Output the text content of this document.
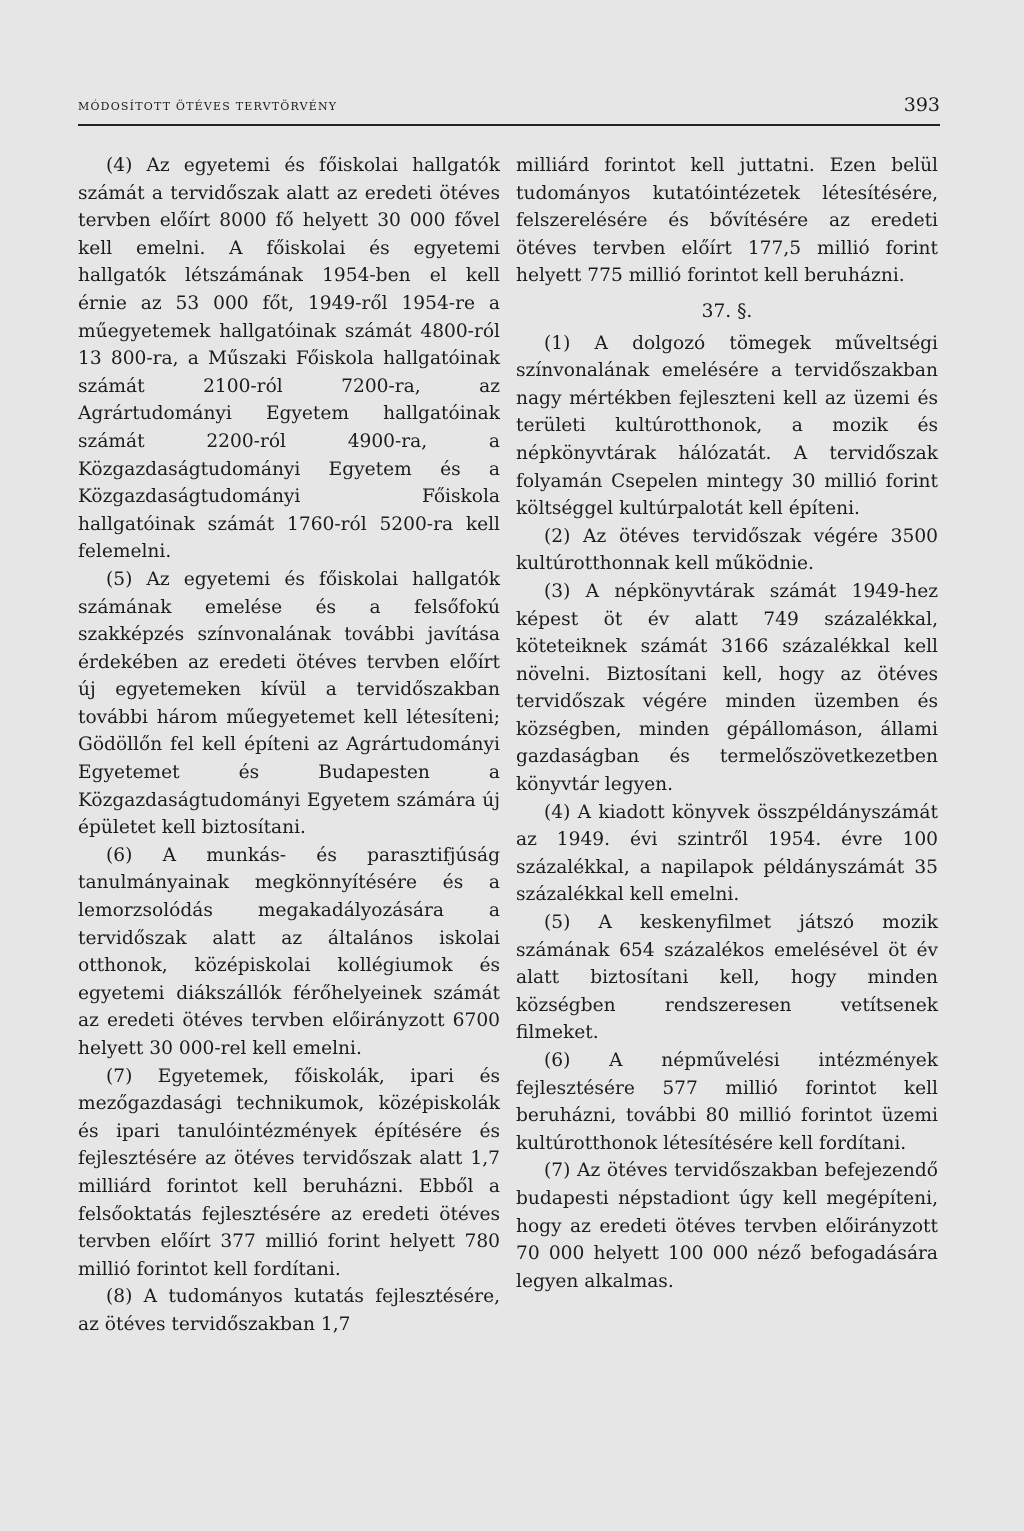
MÓDOSÍTOTT ÖTÉVES TERVTÖRVÉNY	393

(4) Az egyetemi és főiskolai hallgatók számát a tervidőszak alatt az eredeti ötéves tervben előírt 8000 fő helyett 30 000 fővel kell emelni. A főiskolai és egyetemi hallgatók létszámának 1954-ben el kell érnie az 53 000 főt, 1949-ről 1954-re a műegyetemek hallgatóinak számát 4800-ról 13 800-ra, a Műszaki Főiskola hallgatóinak számát 2100-ról 7200-ra, az Agrártudományi Egyetem hallgatóinak számát 2200-ról 4900-ra, a Közgazdaságtudományi Egyetem és a Közgazdaságtudományi Főiskola hallgatóinak számát 1760-ról 5200-ra kell felemelni.

(5) Az egyetemi és főiskolai hallgatók számának emelése és a felsőfokú szakképzés színvonalának további javítása érdekében az eredeti ötéves tervben előírt új egyetemeken kívül a tervidőszakban további három műegyetemet kell létesíteni; Gödöllőn fel kell építeni az Agrártudományi Egyetemet és Budapesten a Közgazdaságtudományi Egyetem számára új épületet kell biztosítani.

(6) A munkás- és parasztifjúság tanulmányainak megkönnyítésére és a lemorzsolódás megakadályozására a tervidőszak alatt az általános iskolai otthonok, középiskolai kollégiumok és egyetemi diákszállók férőhelyeinek számát az eredeti ötéves tervben előirányzott 6700 helyett 30 000-rel kell emelni.

(7) Egyetemek, főiskolák, ipari és mezőgazdasági technikumok, középiskolák és ipari tanulóintézmények építésére és fejlesztésére az ötéves tervidőszak alatt 1,7 milliárd forintot kell beruházni. Ebből a felsőoktatás fejlesztésére az eredeti ötéves tervben előírt 377 millió forint helyett 780 millió forintot kell fordítani.

(8) A tudományos kutatás fejlesztésére, az ötéves tervidőszakban 1,7

milliárd forintot kell juttatni. Ezen belül tudományos kutatóintézetek létesítésére, felszerelésére és bővítésére az eredeti ötéves tervben előírt 177,5 millió forint helyett 775 millió forintot kell beruházni.

37. §.

(1) A dolgozó tömegek műveltségi színvonalának emelésére a tervidőszakban nagy mértékben fejleszteni kell az üzemi és területi kultúrotthonok, a mozik és népkönyvtárak hálózatát. A tervidőszak folyamán Csepelen mintegy 30 millió forint költséggel kultúrpalotát kell építeni.

(2) Az ötéves tervidőszak végére 3500 kultúrotthonnak kell működnie.

(3) A népkönyvtárak számát 1949-hez képest öt év alatt 749 százalékkal, köteteiknek számát 3166 százalékkal kell növelni. Biztosítani kell, hogy az ötéves tervidőszak végére minden üzemben és községben, minden gépállomáson, állami gazdaságban és termelőszövetkezetben könyvtár legyen.

(4) A kiadott könyvek összpéldányszámát az 1949. évi szintről 1954. évre 100 százalékkal, a napilapok példányszámát 35 százalékkal kell emelni.

(5) A keskenyfilmet játszó mozik számának 654 százalékos emelésével öt év alatt biztosítani kell, hogy minden községben rendszeresen vetítsenek filmeket.

(6) A népművelési intézmények fejlesztésére 577 millió forintot kell beruházni, további 80 millió forintot üzemi kultúrotthonok létesítésére kell fordítani.

(7) Az ötéves tervidőszakban befejezendő budapesti népstadiont úgy kell megépíteni, hogy az eredeti ötéves tervben előirányzott 70 000 helyett 100 000 néző befogadására legyen alkalmas.
